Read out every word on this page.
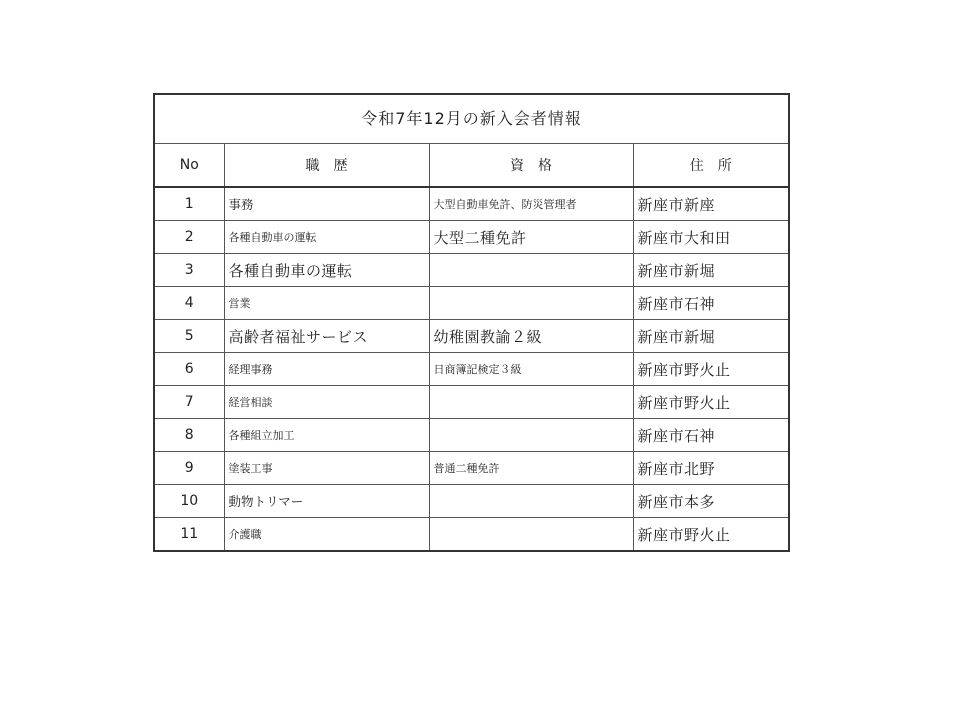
令和7年12月の新入会者情報
No	職　歴	資　格	住　所
1	事務	大型自動車免許、防災管理者	新座市新座
2	各種自動車の運転	大型二種免許	新座市大和田
3	各種自動車の運転		新座市新堀
4	営業		新座市石神
5	高齢者福祉サービス	幼稚園教諭２級	新座市新堀
6	経理事務	日商簿記検定３級	新座市野火止
7	経営相談		新座市野火止
8	各種組立加工		新座市石神
9	塗装工事	普通二種免許	新座市北野
10	動物トリマー		新座市本多
11	介護職		新座市野火止
